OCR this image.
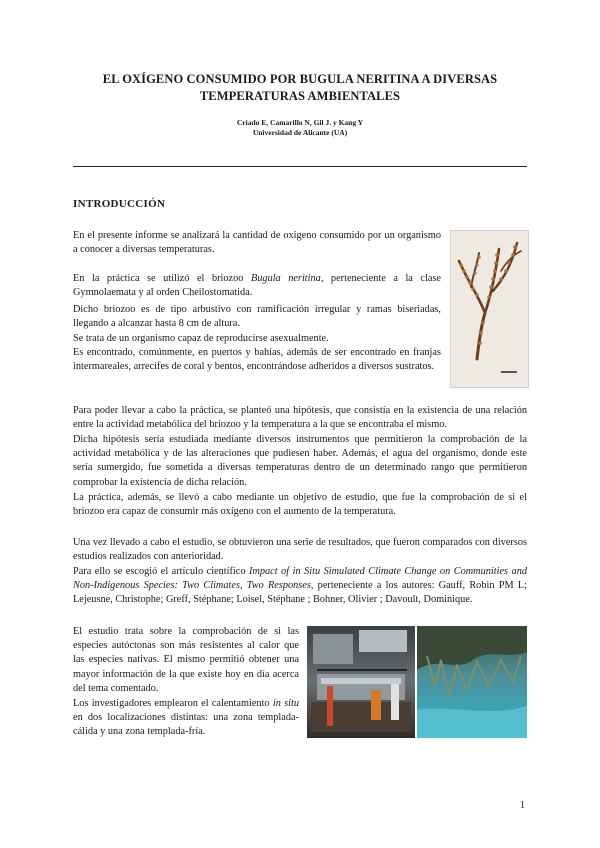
EL OXÍGENO CONSUMIDO POR BUGULA NERITINA A DIVERSAS
TEMPERATURAS AMBIENTALES
Criado E, Camarillo N, Gil J. y Kang Y
Universidad de Alicante (UA)
INTRODUCCIÓN

En el presente informe se analizará la cantidad de oxígeno consumido por un organismo a conocer a diversas temperaturas.

En la práctica se utilizó el briozoo Bugula neritina, perteneciente a la clase Gymnolaemata y al orden Cheilostomatida.

Dicho briozoo es de tipo arbustivo con ramificación irregular y ramas biseriadas, llegando a alcanzar hasta 8 cm de altura.

Se trata de un organismo capaz de reproducirse asexualmente.

Es encontrado, comúnmente, en puertos y bahías, además de ser encontrado en franjas intermareales, arrecifes de coral y bentos, encontrándose adheridos a diversos sustratos.

Para poder llevar a cabo la práctica, se planteó una hipótesis, que consistía en la existencia de una relación entre la actividad metabólica del briozoo y la temperatura a la que se encontraba el mismo.

Dicha hipótesis sería estudiada mediante diversos instrumentos que permitieron la comprobación de la actividad metabólica y de las alteraciones que pudiesen haber. Además, el agua del organismo, donde este sería sumergido, fue sometida a diversas temperaturas dentro de un determinado rango que permitieron comprobar la existencia de dicha relación.

La práctica, además, se llevó a cabo mediante un objetivo de estudio, que fue la comprobación de si el briozoo era capaz de consumir más oxígeno con el aumento de la temperatura.

Una vez llevado a cabo el estudio, se obtuvieron una serie de resultados, que fueron comparados con diversos estudios realizados con anterioridad.

Para ello se escogió el artículo científico Impact of in Situ Simulated Climate Change on Communities and Non-Indigenous Species: Two Climates, Two Responses, perteneciente a los autores: Gauff, Robin PM L; Lejeusne, Christophe; Greff, Stéphane; Loisel, Stéphane ; Bohner, Olivier ; Davoult, Dominique.

El estudio trata sobre la comprobación de si las especies autóctonas son más resistentes al calor que las especies nativas. El mismo permitió obtener una mayor información de la que existe hoy en día acerca del tema comentado.

Los investigadores emplearon el calentamiento in situ en dos localizaciones distintas: una zona templada-cálida y una zona templada-fría.

1
